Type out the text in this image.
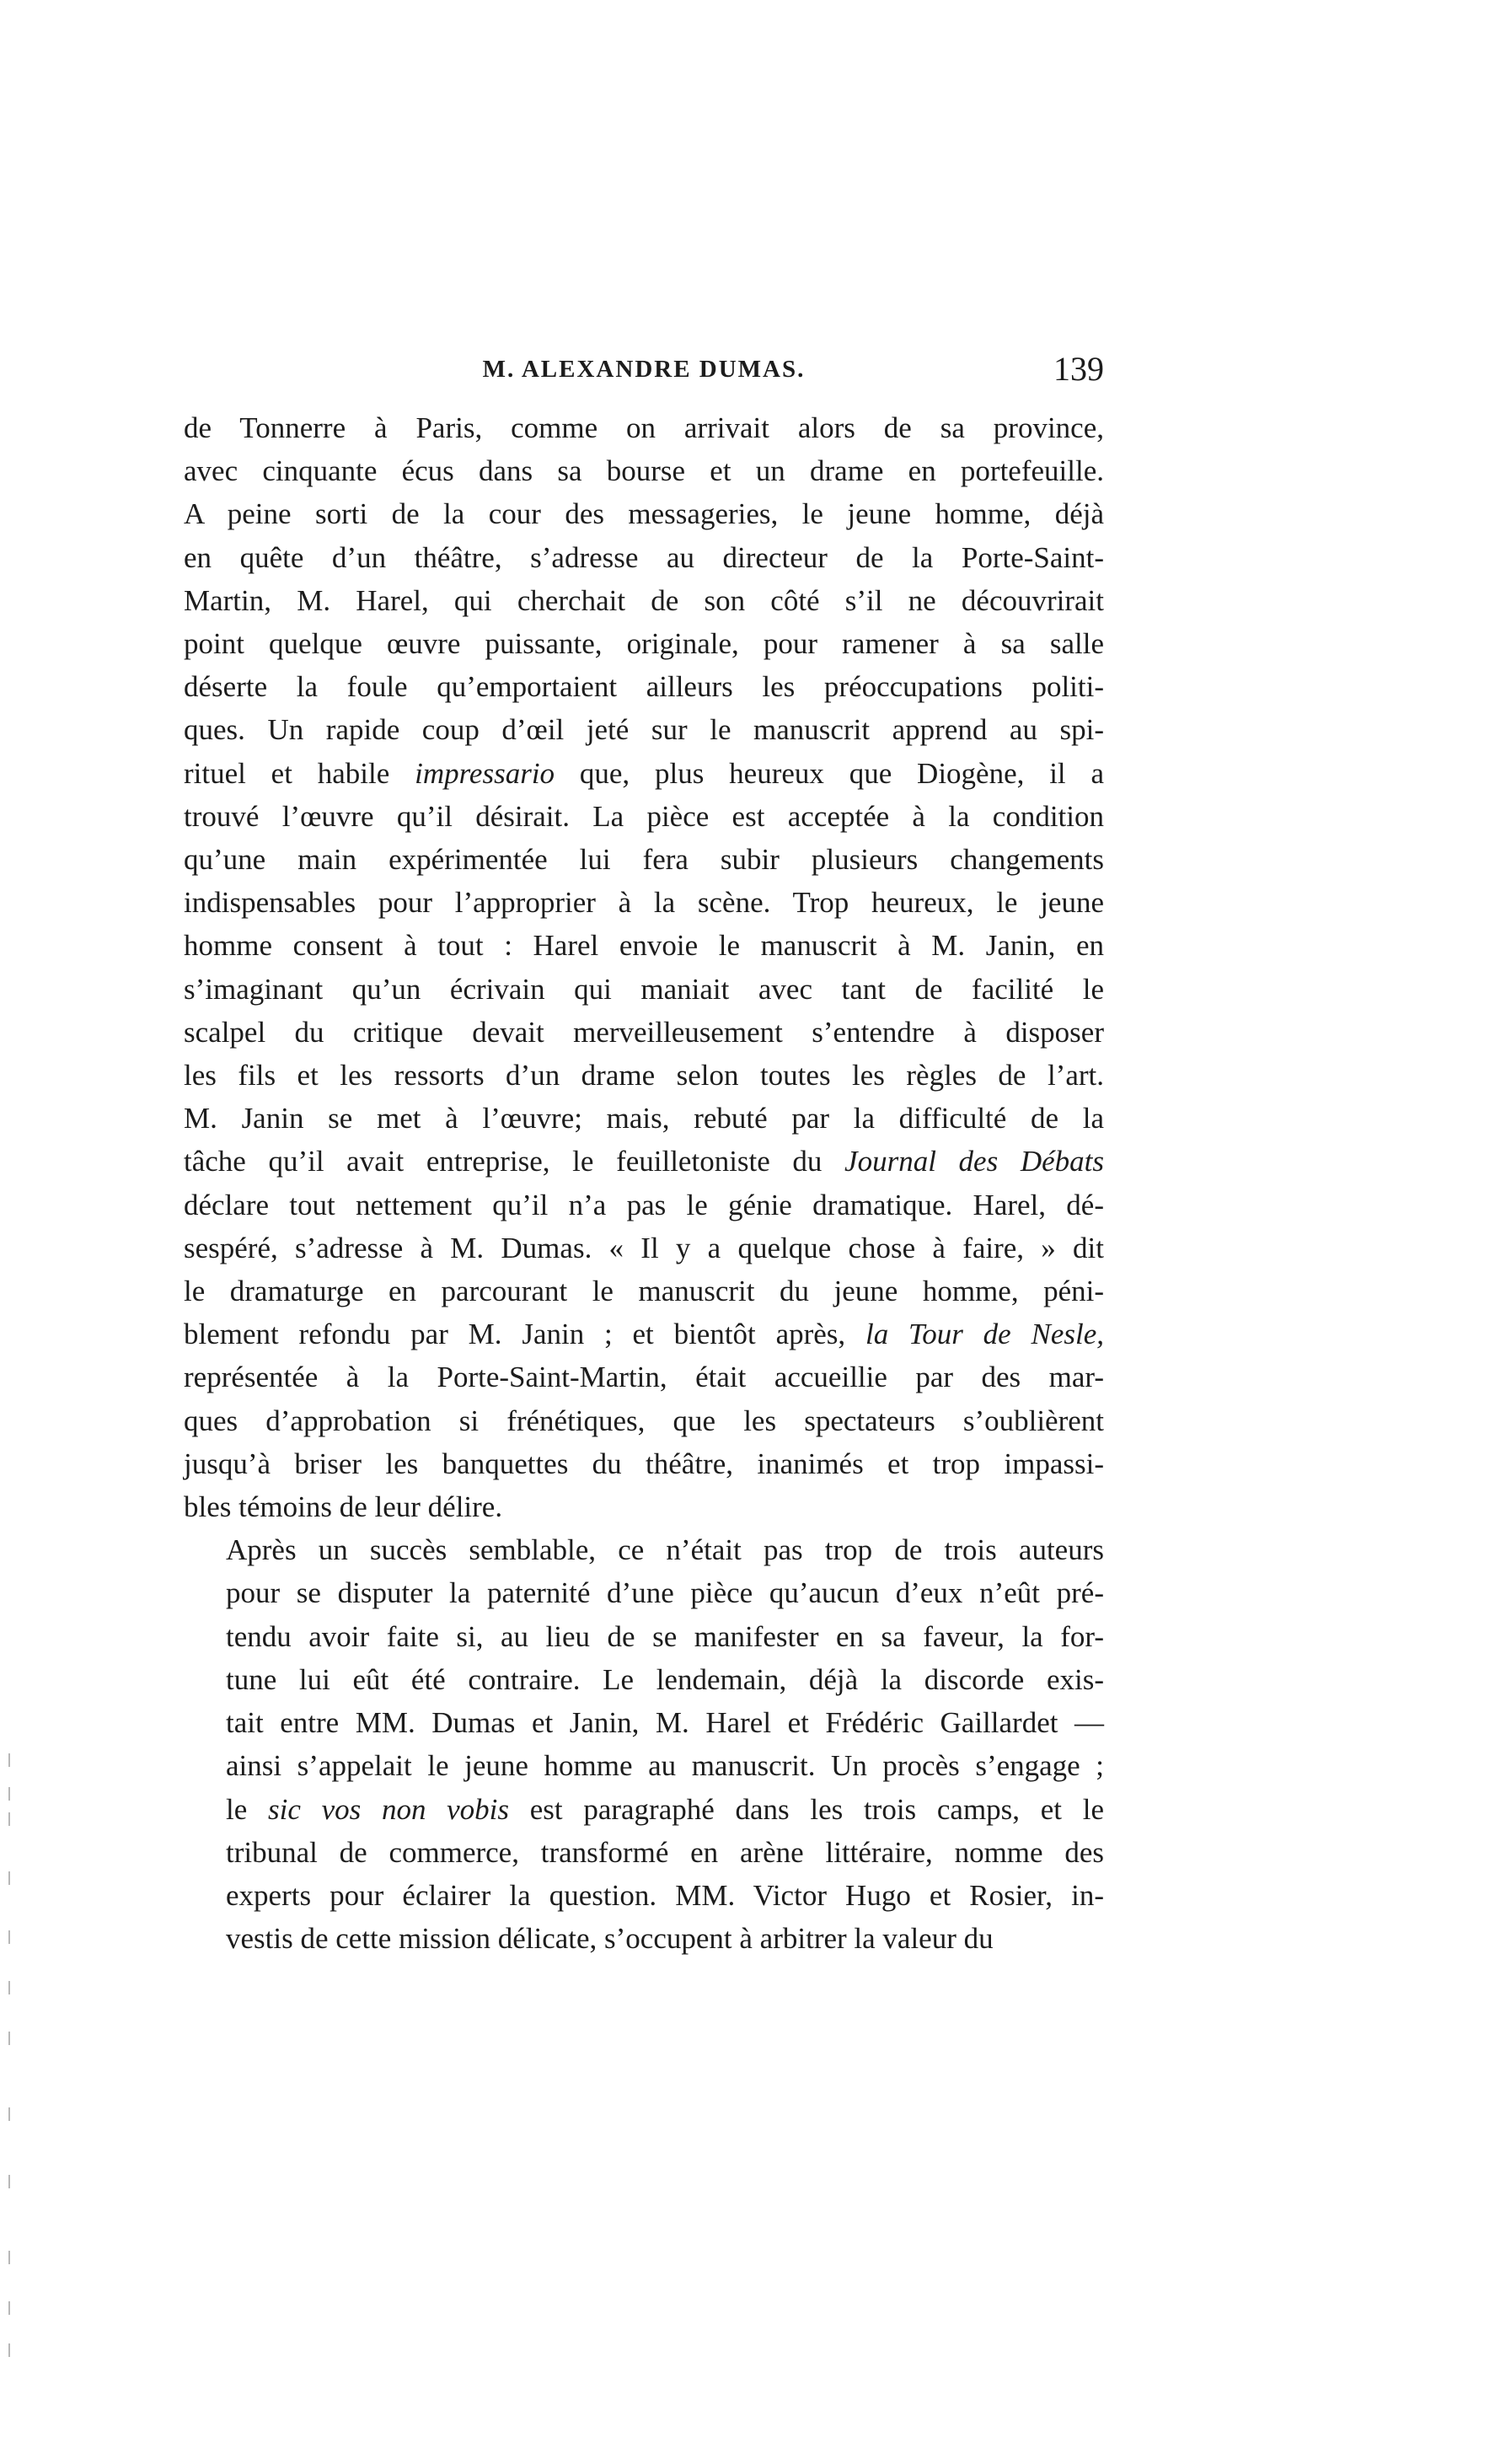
M. ALEXANDRE DUMAS.	139

de Tonnerre à Paris, comme on arrivait alors de sa province,
avec cinquante écus dans sa bourse et un drame en portefeuille.
A peine sorti de la cour des messageries, le jeune homme, déjà
en quête d’un théâtre, s’adresse au directeur de la Porte-Saint-
Martin, M. Harel, qui cherchait de son côté s’il ne découvrirait
point quelque œuvre puissante, originale, pour ramener à sa salle
déserte la foule qu’emportaient ailleurs les préoccupations politi-
ques. Un rapide coup d’œil jeté sur le manuscrit apprend au spi-
rituel et habile impressario que, plus heureux que Diogène, il a
trouvé l’œuvre qu’il désirait. La pièce est acceptée à la condition
qu’une main expérimentée lui fera subir plusieurs changements
indispensables pour l’approprier à la scène. Trop heureux, le jeune
homme consent à tout : Harel envoie le manuscrit à M. Janin, en
s’imaginant qu’un écrivain qui maniait avec tant de facilité le
scalpel du critique devait merveilleusement s’entendre à disposer
les fils et les ressorts d’un drame selon toutes les règles de l’art.
M. Janin se met à l’œuvre; mais, rebuté par la difficulté de la
tâche qu’il avait entreprise, le feuilletoniste du Journal des Débats
déclare tout nettement qu’il n’a pas le génie dramatique. Harel, dé-
sespéré, s’adresse à M. Dumas. « Il y a quelque chose à faire, » dit
le dramaturge en parcourant le manuscrit du jeune homme, péni-
blement refondu par M. Janin ; et bientôt après, la Tour de Nesle,
représentée à la Porte-Saint-Martin, était accueillie par des mar-
ques d’approbation si frénétiques, que les spectateurs s’oublièrent
jusqu’à briser les banquettes du théâtre, inanimés et trop impassi-
bles témoins de leur délire.

Après un succès semblable, ce n’était pas trop de trois auteurs
pour se disputer la paternité d’une pièce qu’aucun d’eux n’eût pré-
tendu avoir faite si, au lieu de se manifester en sa faveur, la for-
tune lui eût été contraire. Le lendemain, déjà la discorde exis-
tait entre MM. Dumas et Janin, M. Harel et Frédéric Gaillardet —
ainsi s’appelait le jeune homme au manuscrit. Un procès s’engage ;
le sic vos non vobis est paragraphé dans les trois camps, et le
tribunal de commerce, transformé en arène littéraire, nomme des
experts pour éclairer la question. MM. Victor Hugo et Rosier, in-
vestis de cette mission délicate, s’occupent à arbitrer la valeur du
